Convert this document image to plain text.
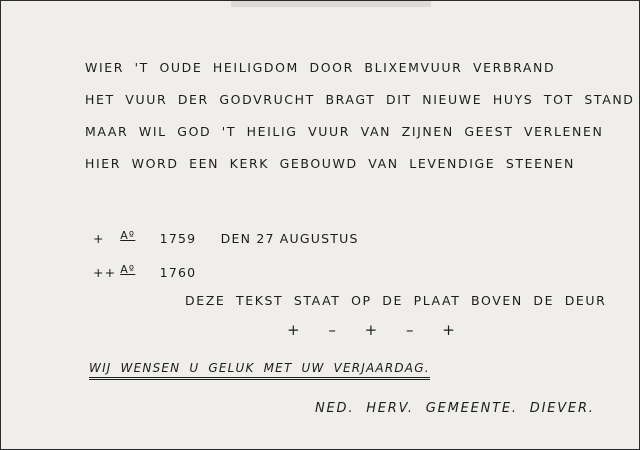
WIER 'T OUDE HEILIGDOM DOOR BLIXEMVUUR VERBRAND
HET VUUR DER GODVRUCHT BRAGT DIT NIEUWE HUYS TOT STAND
MAAR WIL GOD 'T HEILIG VUUR VAN ZIJNEN GEEST VERLENEN
HIER WORD EEN KERK GEBOUWD VAN LEVENDIGE STEENEN
+ Aº 1759 DEN 27 AUGUSTUS
++ Aº 1760
DEZE TEKST STAAT OP DE PLAAT BOVEN DE DEUR
+ – + – +
WIJ WENSEN U GELUK MET UW VERJAARDAG.
NED. HERV. GEMEENTE. DIEVER.
